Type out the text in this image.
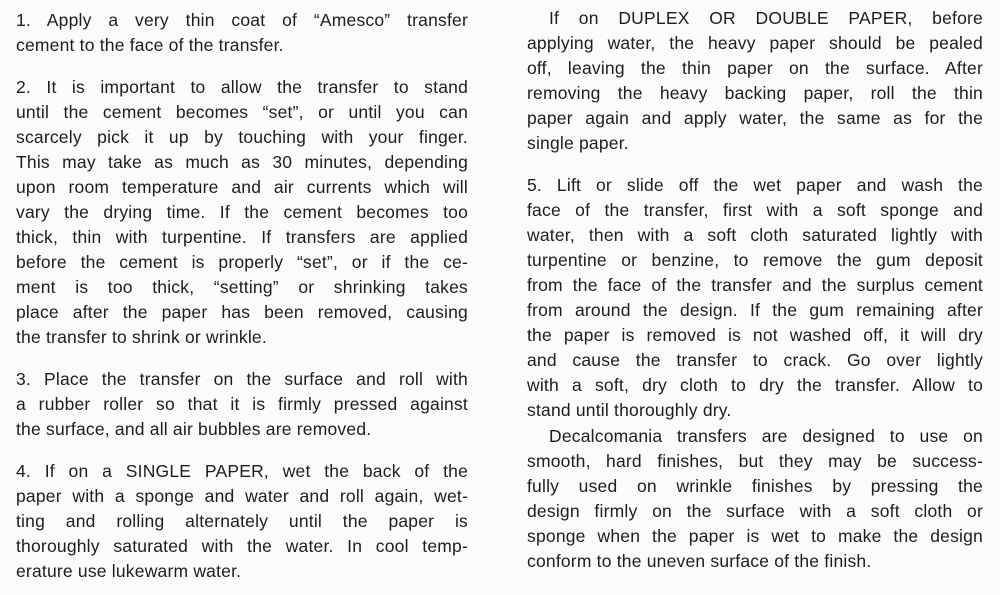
1. Apply a very thin coat of “Amesco” transfer
cement to the face of the transfer.
2. It is important to allow the transfer to stand
until the cement becomes “set”, or until you can
scarcely pick it up by touching with your finger.
This may take as much as 30 minutes, depending
upon room temperature and air currents which will
vary the drying time. If the cement becomes too
thick, thin with turpentine. If transfers are applied
before the cement is properly “set”, or if the ce-
ment is too thick, “setting” or shrinking takes
place after the paper has been removed, causing
the transfer to shrink or wrinkle.
3. Place the transfer on the surface and roll with
a rubber roller so that it is firmly pressed against
the surface, and all air bubbles are removed.
4. If on a SINGLE PAPER, wet the back of the
paper with a sponge and water and roll again, wet-
ting and rolling alternately until the paper is
thoroughly saturated with the water. In cool temp-
erature use lukewarm water.
If on DUPLEX OR DOUBLE PAPER, before
applying water, the heavy paper should be pealed
off, leaving the thin paper on the surface. After
removing the heavy backing paper, roll the thin
paper again and apply water, the same as for the
single paper.
5. Lift or slide off the wet paper and wash the
face of the transfer, first with a soft sponge and
water, then with a soft cloth saturated lightly with
turpentine or benzine, to remove the gum deposit
from the face of the transfer and the surplus cement
from around the design. If the gum remaining after
the paper is removed is not washed off, it will dry
and cause the transfer to crack. Go over lightly
with a soft, dry cloth to dry the transfer. Allow to
stand until thoroughly dry.
Decalcomania transfers are designed to use on
smooth, hard finishes, but they may be success-
fully used on wrinkle finishes by pressing the
design firmly on the surface with a soft cloth or
sponge when the paper is wet to make the design
conform to the uneven surface of the finish.
